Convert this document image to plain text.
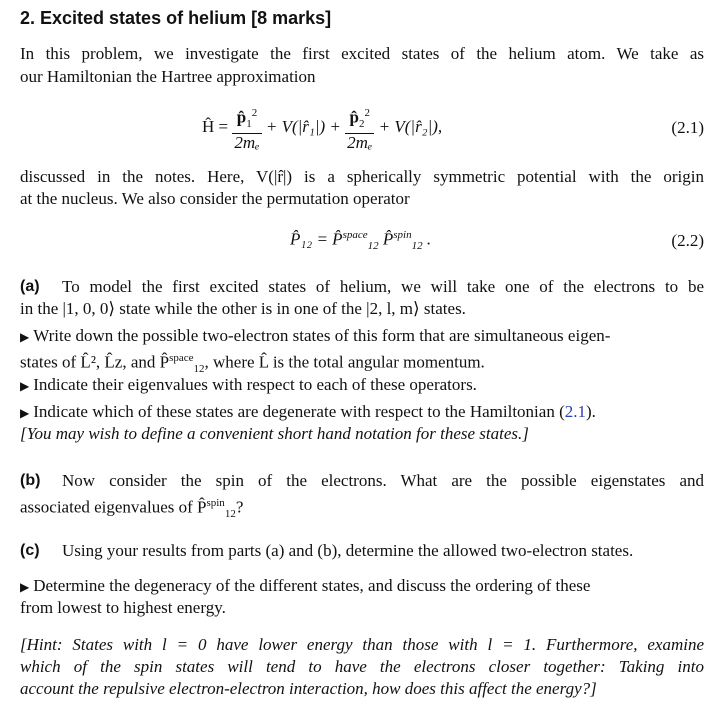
2. Excited states of helium [8 marks]
In this problem, we investigate the first excited states of the helium atom. We take as
our Hamiltonian the Hartree approximation
Ĥ = $\frac{p̂_1^2}{\text{2mₑ}}$ + V(|r̂₁|) + $\frac{p̂_2^2}{\text{2mₑ}}$ + V(|r̂₂|),	(2.1)
discussed in the notes. Here, V(|r̂|) is a spherically symmetric potential with the origin
at the nucleus. We also consider the permutation operator
P̂₁₂ = P̂$^{space}_{12}$ P̂$^{spin}_{12}$ .	(2.2)
(a) To model the first excited states of helium, we will take one of the electrons to be
in the |1, 0, 0⟩ state while the other is in one of the |2, l, m⟩ states.
▶ Write down the possible two-electron states of this form that are simultaneous eigen-
states of L̂², L̂z, and P̂$^{space}_{12}$, where L̂ is the total angular momentum.
▶ Indicate their eigenvalues with respect to each of these operators.
▶ Indicate which of these states are degenerate with respect to the Hamiltonian (2.1).
[You may wish to define a convenient short hand notation for these states.]
(b) Now consider the spin of the electrons. What are the possible eigenstates and
associated eigenvalues of P̂$^{spin}_{12}$?
(c) Using your results from parts (a) and (b), determine the allowed two-electron states.
▶ Determine the degeneracy of the different states, and discuss the ordering of these
from lowest to highest energy.
[Hint: States with l = 0 have lower energy than those with l = 1. Furthermore, examine
which of the spin states will tend to have the electrons closer together: Taking into
account the repulsive electron-electron interaction, how does this affect the energy?]
